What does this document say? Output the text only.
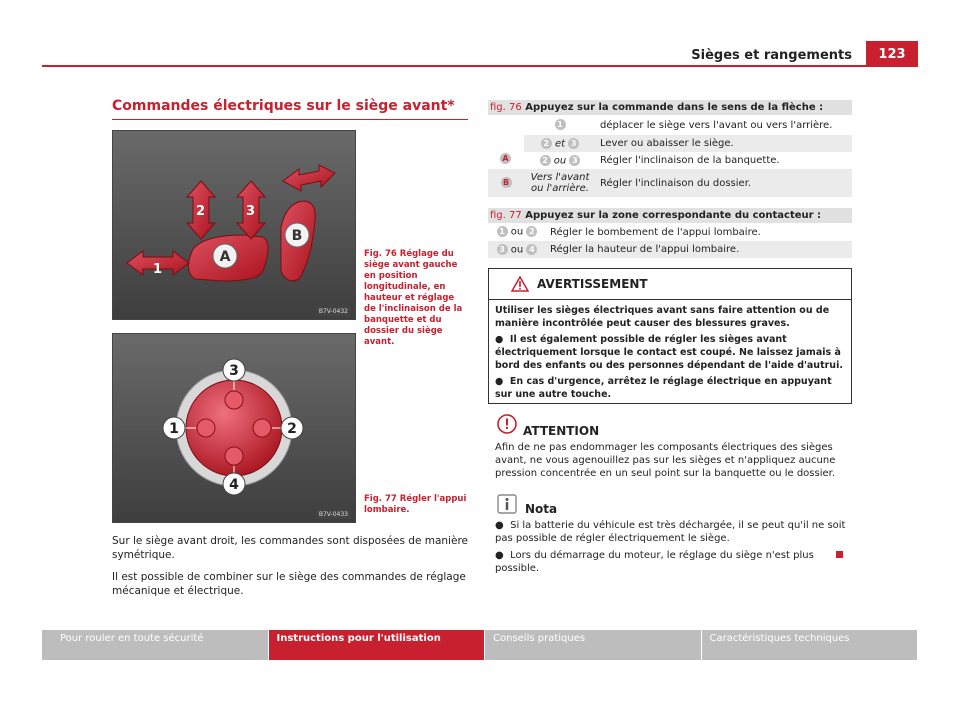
Sièges et rangements	123
Commandes électriques sur le siège avant*
A
B
1
2	3
B7V-0432
Fig. 76 Réglage du siège avant gauche en position longitudinale, en hauteur et réglage de l'inclinaison de la banquette et du dossier du siège avant.
3
4
1	2
B7V-0433
Fig. 77 Régler l'appui lombaire.
Sur le siège avant droit, les commandes sont disposées de manière symétrique.
Il est possible de combiner sur le siège des commandes de réglage mécanique et électrique.
fig. 76 Appuyez sur la commande dans le sens de la flèche :
A
1	déplacer le siège vers l'avant ou vers l'arrière.
2 et 3	Lever ou abaisser le siège.
2 ou 3	Régler l'inclinaison de la banquette.
B	Vers l'avant ou l'arrière.	Régler l'inclinaison du dossier.
fig. 77 Appuyez sur la zone correspondante du contacteur :
1 ou 2	Régler le bombement de l'appui lombaire.
3 ou 4	Régler la hauteur de l'appui lombaire.
AVERTISSEMENT

Utiliser les sièges électriques avant sans faire attention ou de manière incontrôlée peut causer des blessures graves.

● Il est également possible de régler les sièges avant électriquement lorsque le contact est coupé. Ne laissez jamais à bord des enfants ou des personnes dépendant de l'aide d'autrui.

● En cas d'urgence, arrêtez le réglage électrique en appuyant sur une autre touche.

ATTENTION
Afin de ne pas endommager les composants électriques des sièges avant, ne vous agenouillez pas sur les sièges et n'appliquez aucune pression concentrée en un seul point sur la banquette ou le dossier.
Nota

● Si la batterie du véhicule est très déchargée, il se peut qu'il ne soit pas possible de régler électriquement le siège.

● Lors du démarrage du moteur, le réglage du siège n'est plus possible.

Pour rouler en toute sécurité	Instructions pour l'utilisation	Conseils pratiques	Caractéristiques techniques
